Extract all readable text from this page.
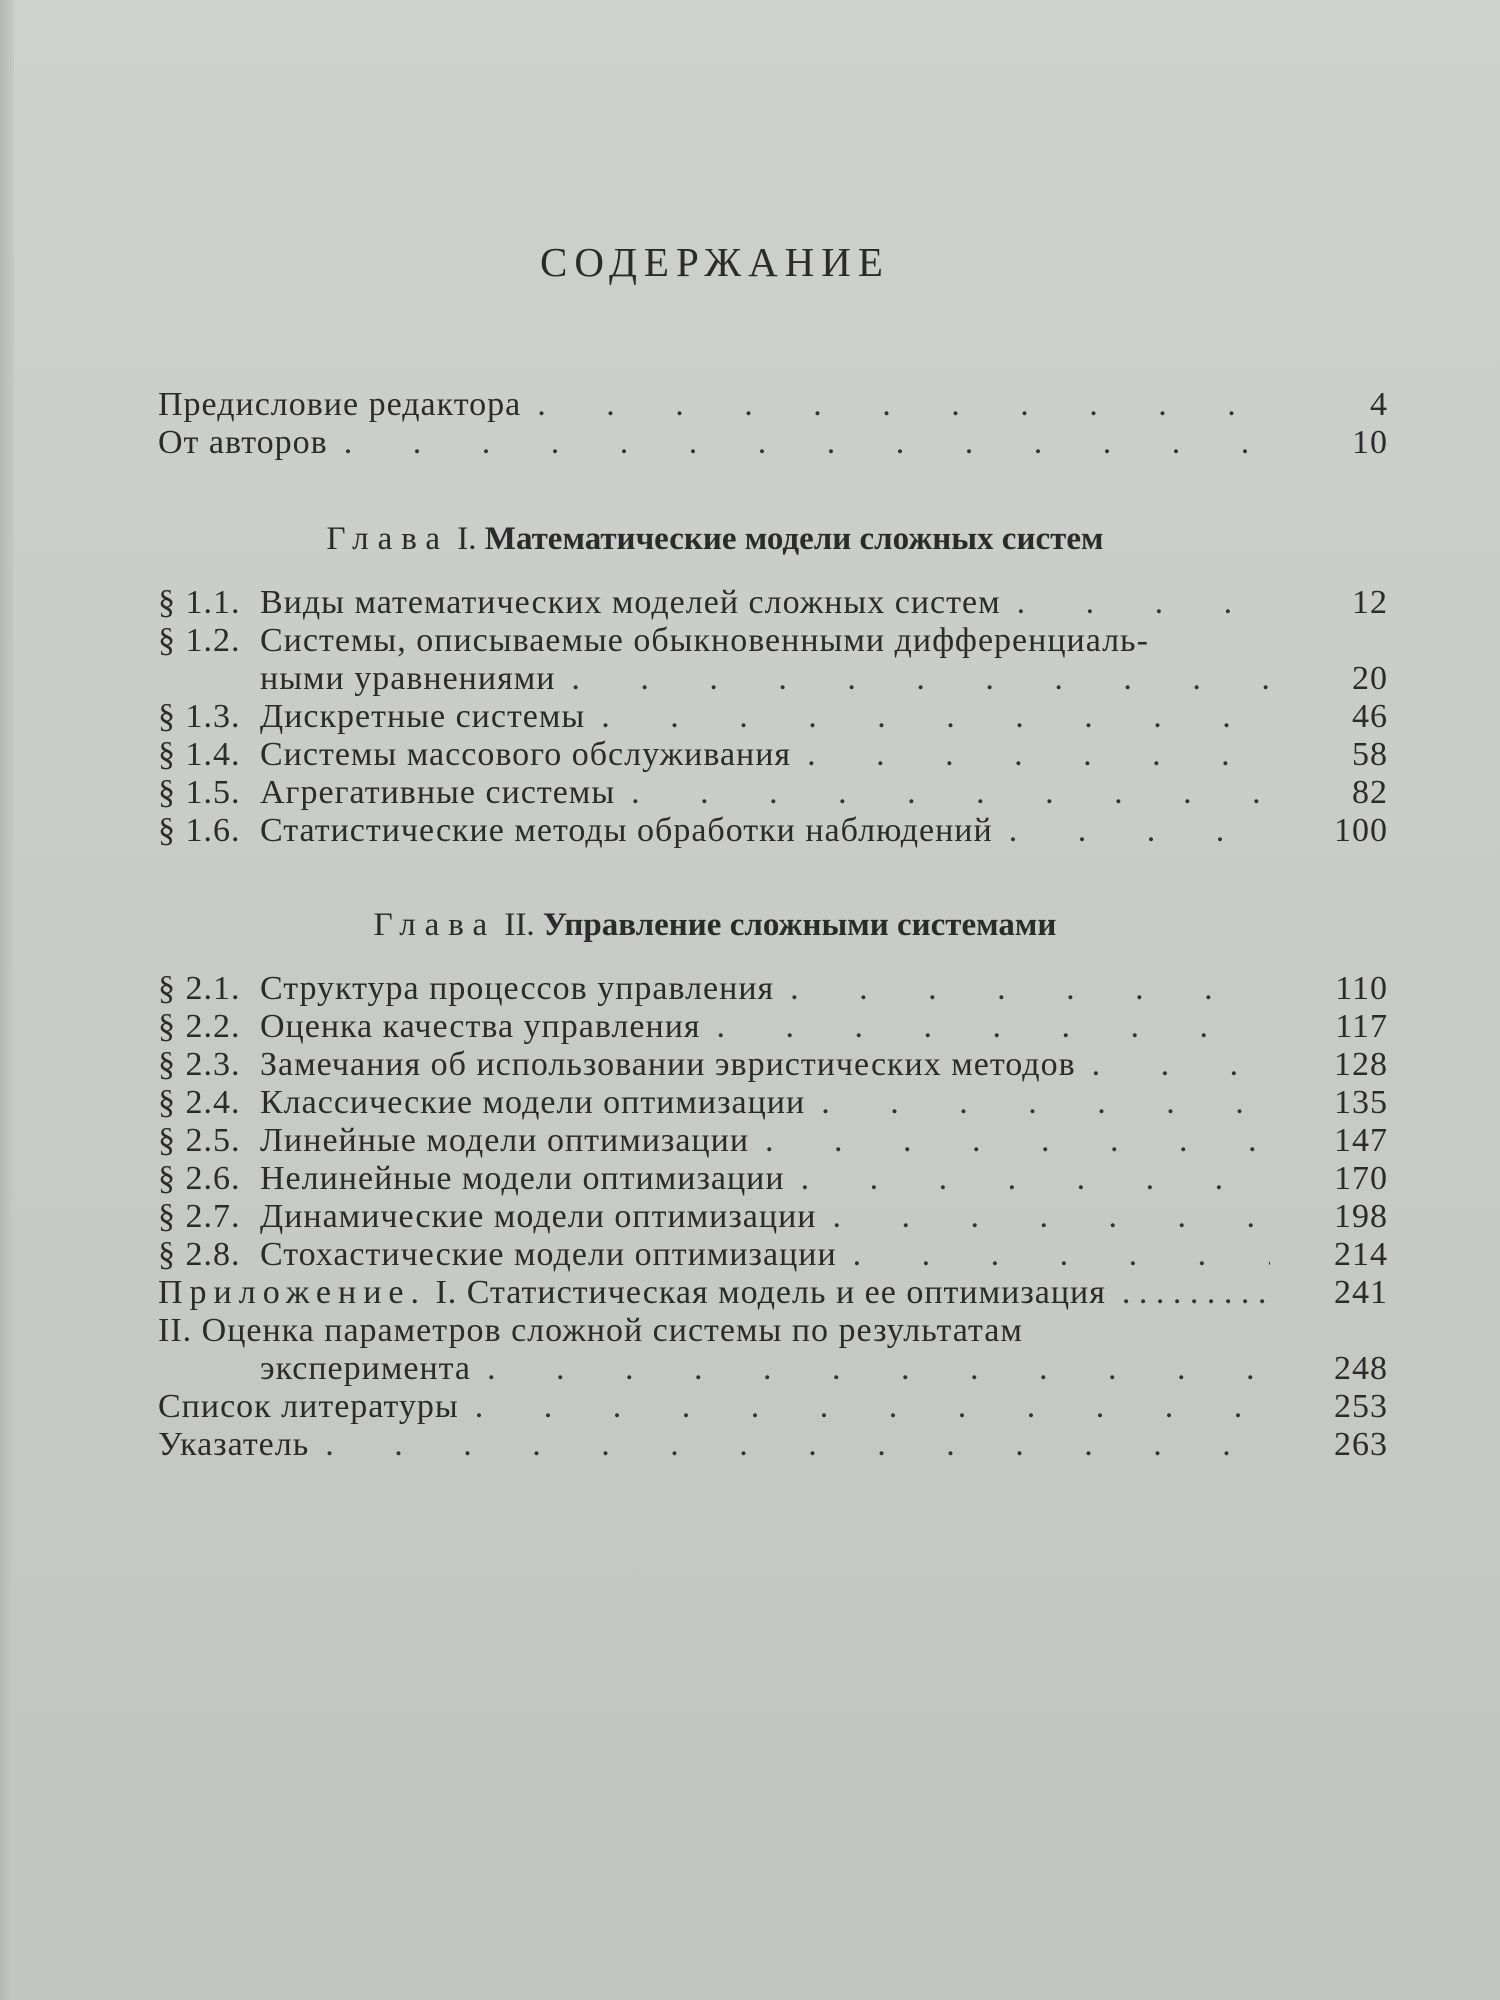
СОДЕРЖАНИЕ
Предисловие редактора . . .	4
От авторов . . .	10
Глава I. Математические модели сложных систем
§ 1.1. Виды математических моделей сложных систем . . .	12
§ 1.2. Системы, описываемые обыкновенными дифференциаль-
ными уравнениями . . .	20
§ 1.3. Дискретные системы . . .	46
§ 1.4. Системы массового обслуживания . . .	58
§ 1.5. Агрегативные системы . . .	82
§ 1.6. Статистические методы обработки наблюдений . . .	100
Глава II. Управление сложными системами
§ 2.1. Структура процессов управления . . .	110
§ 2.2. Оценка качества управления . . .	117
§ 2.3. Замечания об использовании эвристических методов . . .	128
§ 2.4. Классические модели оптимизации . . .	135
§ 2.5. Линейные модели оптимизации . . .	147
§ 2.6. Нелинейные модели оптимизации . . .	170
§ 2.7. Динамические модели оптимизации . . .	198
§ 2.8. Стохастические модели оптимизации . . .	214
Приложение. I. Статистическая модель и ее оптимизация . . .	241
II. Оценка параметров сложной системы по результатам
эксперимента . . .	248
Список литературы . . .	253
Указатель . . .	263
